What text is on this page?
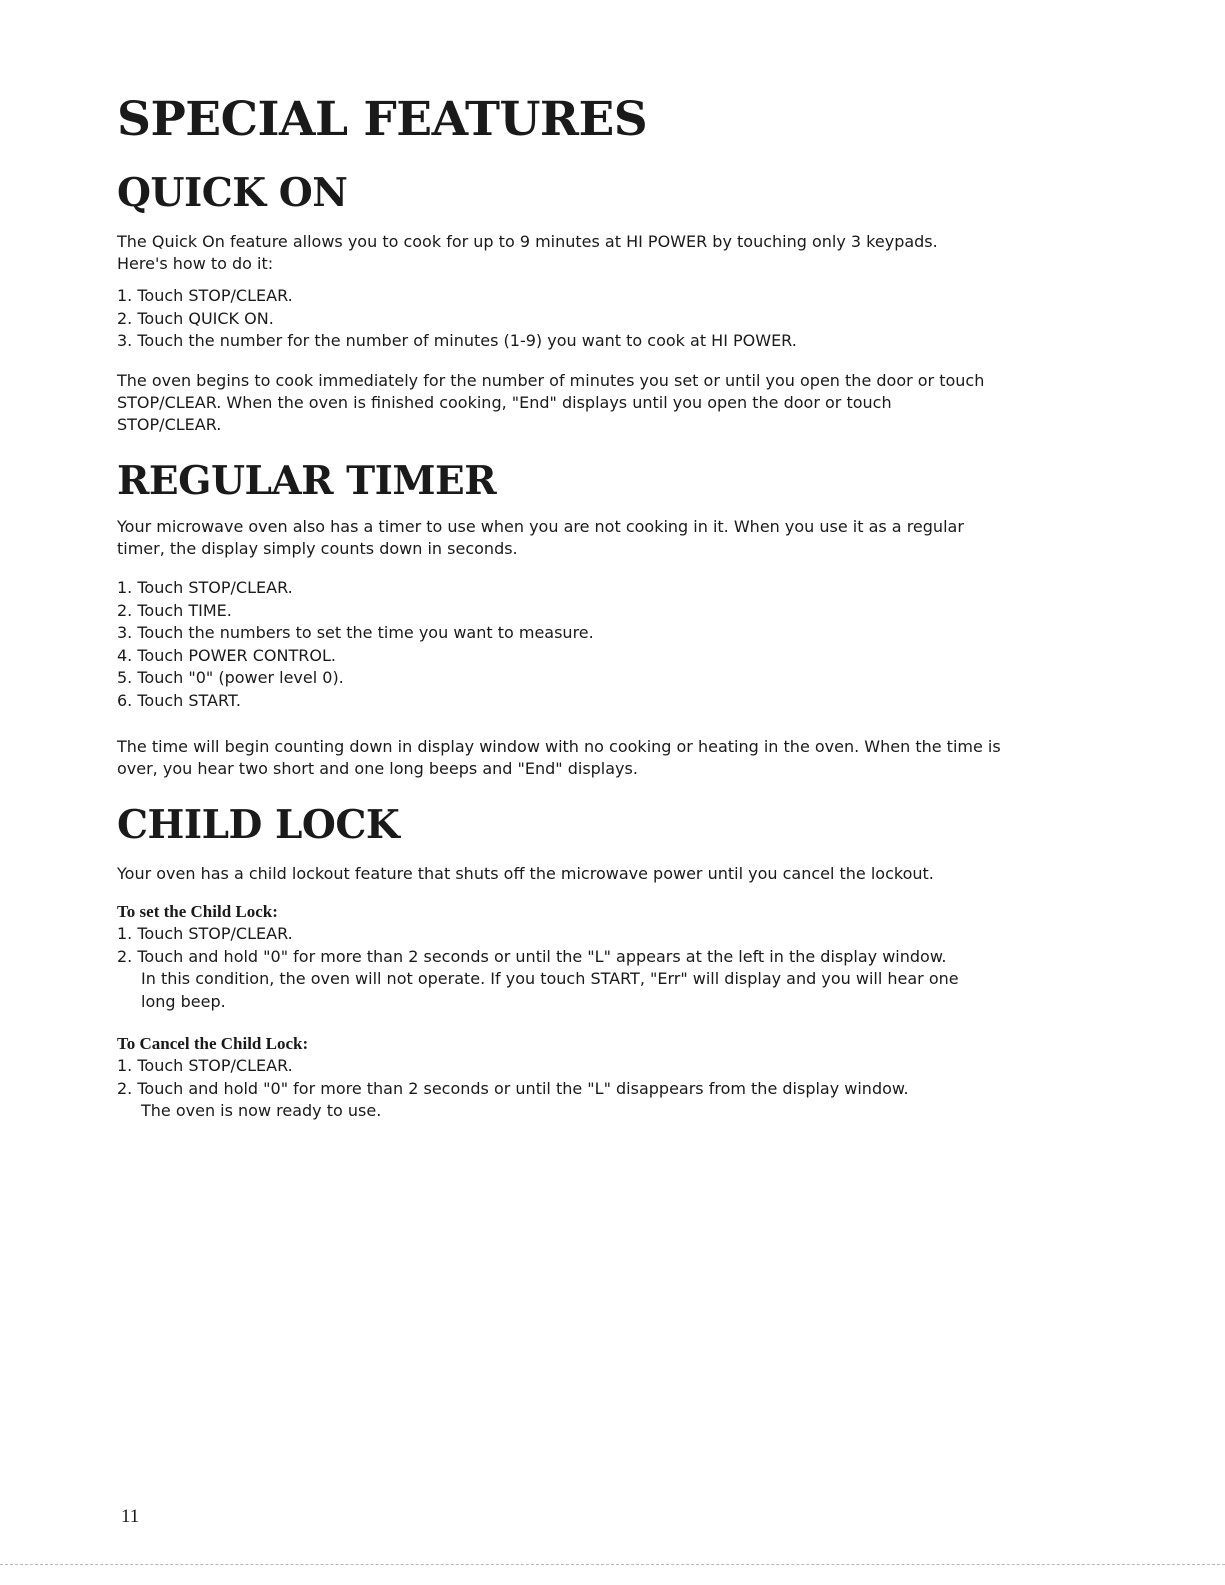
SPECIAL FEATURES
QUICK ON

The Quick On feature allows you to cook for up to 9 minutes at HI POWER by touching only 3 keypads.
Here's how to do it:

1. Touch STOP/CLEAR.
2. Touch QUICK ON.
3. Touch the number for the number of minutes (1-9) you want to cook at HI POWER.

The oven begins to cook immediately for the number of minutes you set or until you open the door or touch
STOP/CLEAR. When the oven is finished cooking, "End" displays until you open the door or touch
STOP/CLEAR.

REGULAR TIMER

Your microwave oven also has a timer to use when you are not cooking in it. When you use it as a regular
timer, the display simply counts down in seconds.

1. Touch STOP/CLEAR.
2. Touch TIME.
3. Touch the numbers to set the time you want to measure.
4. Touch POWER CONTROL.
5. Touch "0" (power level 0).
6. Touch START.

The time will begin counting down in display window with no cooking or heating in the oven. When the time is
over, you hear two short and one long beeps and "End" displays.

CHILD LOCK

Your oven has a child lockout feature that shuts off the microwave power until you cancel the lockout.

To set the Child Lock:
1. Touch STOP/CLEAR.
2. Touch and hold "0" for more than 2 seconds or until the "L" appears at the left in the display window.
In this condition, the oven will not operate. If you touch START, "Err" will display and you will hear one
long beep.
To Cancel the Child Lock:
1. Touch STOP/CLEAR.
2. Touch and hold "0" for more than 2 seconds or until the "L" disappears from the display window.
The oven is now ready to use.
11
